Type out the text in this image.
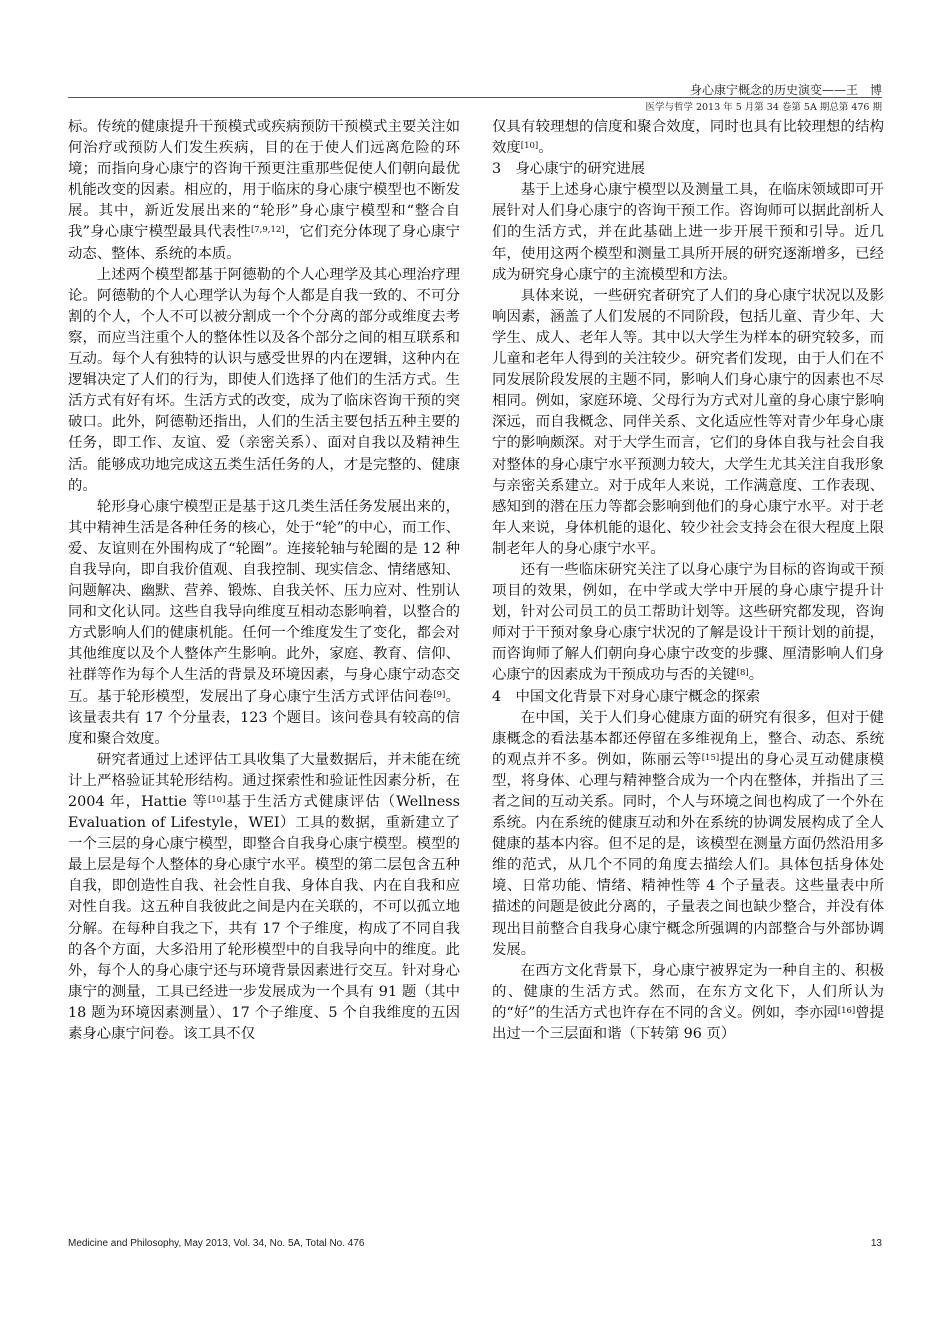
身心康宁概念的历史演变——王　博
医学与哲学 2013 年 5 月第 34 卷第 5A 期总第 476 期

标。传统的健康提升干预模式或疾病预防干预模式主要关注如何治疗或预防人们发生疾病，目的在于使人们远离危险的环境；而指向身心康宁的咨询干预更注重那些促使人们朝向最优机能改变的因素。相应的，用于临床的身心康宁模型也不断发展。其中，新近发展出来的“轮形”身心康宁模型和“整合自我”身心康宁模型最具代表性[7,9,12]，它们充分体现了身心康宁动态、整体、系统的本质。

上述两个模型都基于阿德勒的个人心理学及其心理治疗理论。阿德勒的个人心理学认为每个人都是自我一致的、不可分割的个人，个人不可以被分割成一个个分离的部分或维度去考察，而应当注重个人的整体性以及各个部分之间的相互联系和互动。每个人有独特的认识与感受世界的内在逻辑，这种内在逻辑决定了人们的行为，即使人们选择了他们的生活方式。生活方式有好有坏。生活方式的改变，成为了临床咨询干预的突破口。此外，阿德勒还指出，人们的生活主要包括五种主要的任务，即工作、友谊、爱（亲密关系）、面对自我以及精神生活。能够成功地完成这五类生活任务的人，才是完整的、健康的。

轮形身心康宁模型正是基于这几类生活任务发展出来的，其中精神生活是各种任务的核心，处于“轮”的中心，而工作、爱、友谊则在外围构成了“轮圈”。连接轮轴与轮圈的是 12 种自我导向，即自我价值观、自我控制、现实信念、情绪感知、问题解决、幽默、营养、锻炼、自我关怀、压力应对、性别认同和文化认同。这些自我导向维度互相动态影响着，以整合的方式影响人们的健康机能。任何一个维度发生了变化，都会对其他维度以及个人整体产生影响。此外，家庭、教育、信仰、社群等作为每个人生活的背景及环境因素，与身心康宁动态交互。基于轮形模型，发展出了身心康宁生活方式评估问卷[9]。该量表共有 17 个分量表，123 个题目。该问卷具有较高的信度和聚合效度。

研究者通过上述评估工具收集了大量数据后，并未能在统计上严格验证其轮形结构。通过探索性和验证性因素分析，在 2004 年，Hattie 等[10]基于生活方式健康评估（Wellness Evaluation of Lifestyle，WEI）工具的数据，重新建立了一个三层的身心康宁模型，即整合自我身心康宁模型。模型的最上层是每个人整体的身心康宁水平。模型的第二层包含五种自我，即创造性自我、社会性自我、身体自我、内在自我和应对性自我。这五种自我彼此之间是内在关联的，不可以孤立地分解。在每种自我之下，共有 17 个子维度，构成了不同自我的各个方面，大多沿用了轮形模型中的自我导向中的维度。此外，每个人的身心康宁还与环境背景因素进行交互。针对身心康宁的测量，工具已经进一步发展成为一个具有 91 题（其中 18 题为环境因素测量）、17 个子维度、5 个自我维度的五因素身心康宁问卷。该工具不仅

仅具有较理想的信度和聚合效度，同时也具有比较理想的结构效度[10]。

3　身心康宁的研究进展

基于上述身心康宁模型以及测量工具，在临床领域即可开展针对人们身心康宁的咨询干预工作。咨询师可以据此剖析人们的生活方式，并在此基础上进一步开展干预和引导。近几年，使用这两个模型和测量工具所开展的研究逐渐增多，已经成为研究身心康宁的主流模型和方法。

具体来说，一些研究者研究了人们的身心康宁状况以及影响因素，涵盖了人们发展的不同阶段，包括儿童、青少年、大学生、成人、老年人等。其中以大学生为样本的研究较多，而儿童和老年人得到的关注较少。研究者们发现，由于人们在不同发展阶段发展的主题不同，影响人们身心康宁的因素也不尽相同。例如，家庭环境、父母行为方式对儿童的身心康宁影响深远，而自我概念、同伴关系、文化适应性等对青少年身心康宁的影响颇深。对于大学生而言，它们的身体自我与社会自我对整体的身心康宁水平预测力较大，大学生尤其关注自我形象与亲密关系建立。对于成年人来说，工作满意度、工作表现、感知到的潜在压力等都会影响到他们的身心康宁水平。对于老年人来说，身体机能的退化、较少社会支持会在很大程度上限制老年人的身心康宁水平。

还有一些临床研究关注了以身心康宁为目标的咨询或干预项目的效果，例如，在中学或大学中开展的身心康宁提升计划，针对公司员工的员工帮助计划等。这些研究都发现，咨询师对于干预对象身心康宁状况的了解是设计干预计划的前提，而咨询师了解人们朝向身心康宁改变的步骤、厘清影响人们身心康宁的因素成为干预成功与否的关键[8]。

4　中国文化背景下对身心康宁概念的探索

在中国，关于人们身心健康方面的研究有很多，但对于健康概念的看法基本都还停留在多维视角上，整合、动态、系统的观点并不多。例如，陈丽云等[15]提出的身心灵互动健康模型，将身体、心理与精神整合成为一个内在整体，并指出了三者之间的互动关系。同时，个人与环境之间也构成了一个外在系统。内在系统的健康互动和外在系统的协调发展构成了全人健康的基本内容。但不足的是，该模型在测量方面仍然沿用多维的范式，从几个不同的角度去描绘人们。具体包括身体处境、日常功能、情绪、精神性等 4 个子量表。这些量表中所描述的问题是彼此分离的，子量表之间也缺少整合，并没有体现出目前整合自我身心康宁概念所强调的内部整合与外部协调发展。

在西方文化背景下，身心康宁被界定为一种自主的、积极的、健康的生活方式。然而，在东方文化下，人们所认为的“好”的生活方式也许存在不同的含义。例如，李亦园[16]曾提出过一个三层面和谐（下转第 96 页）

Medicine and Philosophy, May 2013, Vol. 34, No. 5A, Total No. 476	13
